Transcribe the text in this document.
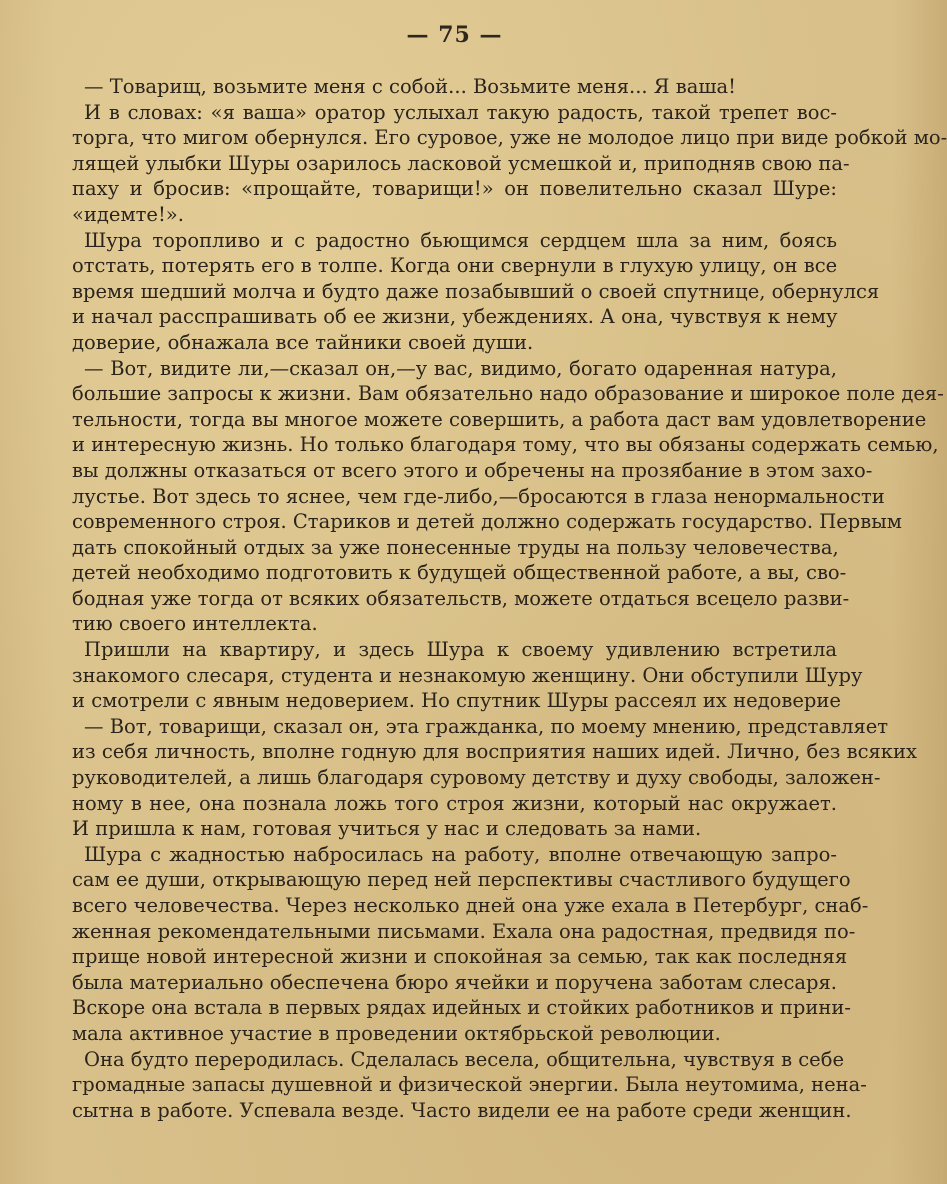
— 75 —
— Товарищ, возьмите меня с собой... Возьмите меня... Я ваша!
И в словах: «я ваша» оратор услыхал такую радость, такой трепет вос-
торга, что мигом обернулся. Его суровое, уже не молодое лицо при виде робкой мо-
лящей улыбки Шуры озарилось ласковой усмешкой и, приподняв свою па-
паху и бросив: «прощайте, товарищи!» он повелительно сказал Шуре:
«идемте!».
Шура торопливо и с радостно бьющимся сердцем шла за ним, боясь
отстать, потерять его в толпе. Когда они свернули в глухую улицу, он все
время шедший молча и будто даже позабывший о своей спутнице, обернулся
и начал расспрашивать об ее жизни, убеждениях. А она, чувствуя к нему
доверие, обнажала все тайники своей души.
— Вот, видите ли,—сказал он,—у вас, видимо, богато одаренная натура,
большие запросы к жизни. Вам обязательно надо образование и широкое поле дея-
тельности, тогда вы многое можете совершить, а работа даст вам удовлетворение
и интересную жизнь. Но только благодаря тому, что вы обязаны содержать семью,
вы должны отказаться от всего этого и обречены на прозябание в этом захо-
лустье. Вот здесь то яснее, чем где-либо,—бросаются в глаза ненормальности
современного строя. Стариков и детей должно содержать государство. Первым
дать спокойный отдых за уже понесенные труды на пользу человечества,
детей необходимо подготовить к будущей общественной работе, а вы, сво-
бодная уже тогда от всяких обязательств, можете отдаться всецело разви-
тию своего интеллекта.
Пришли на квартиру, и здесь Шура к своему удивлению встретила
знакомого слесаря, студента и незнакомую женщину. Они обступили Шуру
и смотрели с явным недоверием. Но спутник Шуры рассеял их недоверие
— Вот, товарищи, сказал он, эта гражданка, по моему мнению, представляет
из себя личность, вполне годную для восприятия наших идей. Лично, без всяких
руководителей, а лишь благодаря суровому детству и духу свободы, заложен-
ному в нее, она познала ложь того строя жизни, который нас окружает.
И пришла к нам, готовая учиться у нас и следовать за нами.
Шура с жадностью набросилась на работу, вполне отвечающую запро-
сам ее души, открывающую перед ней перспективы счастливого будущего
всего человечества. Через несколько дней она уже ехала в Петербург, снаб-
женная рекомендательными письмами. Ехала она радостная, предвидя по-
прище новой интересной жизни и спокойная за семью, так как последняя
была материально обеспечена бюро ячейки и поручена заботам слесаря.
Вскоре она встала в первых рядах идейных и стойких работников и прини-
мала активное участие в проведении октябрьской революции.
Она будто переродилась. Сделалась весела, общительна, чувствуя в себе
громадные запасы душевной и физической энергии. Была неутомима, нена-
сытна в работе. Успевала везде. Часто видели ее на работе среди женщин.
